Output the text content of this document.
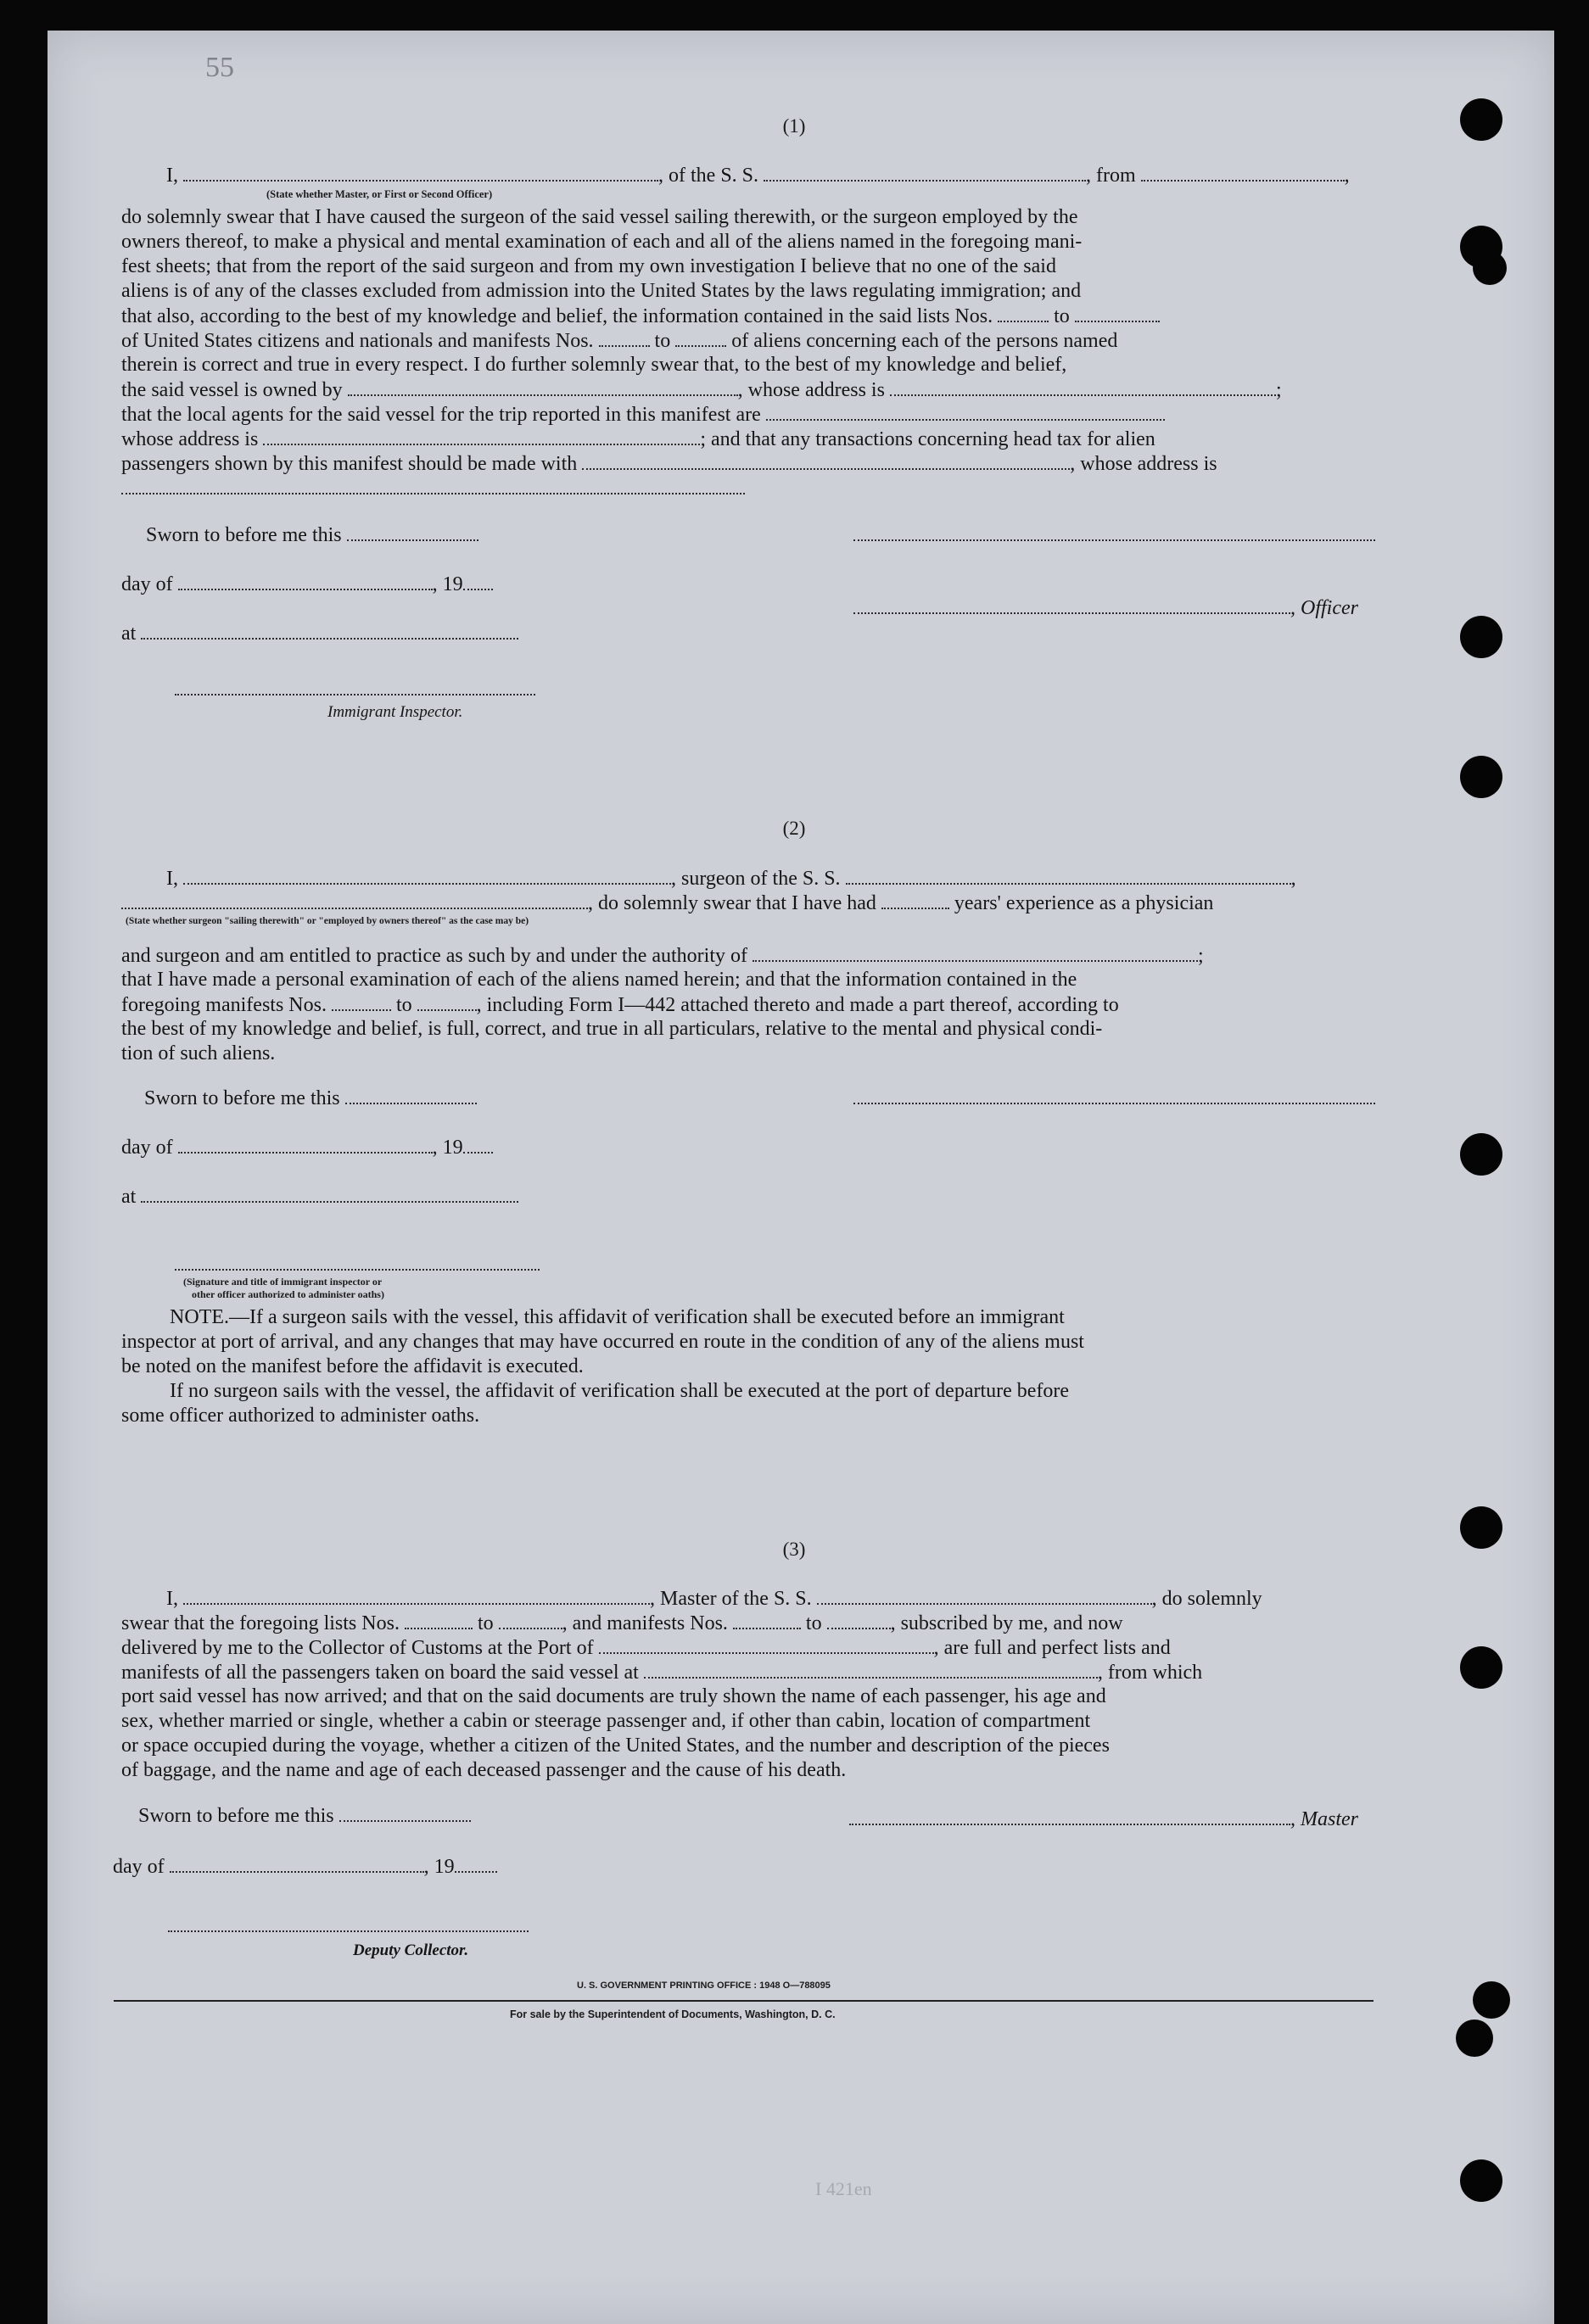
55
(1)
I,	, of the S. S.	, from	,
(State whether Master, or First or Second Officer)
do solemnly swear that I have caused the surgeon of the said vessel sailing therewith, or the surgeon employed by the
owners thereof, to make a physical and mental examination of each and all of the aliens named in the foregoing mani-
fest sheets; that from the report of the said surgeon and from my own investigation I believe that no one of the said
aliens is of any of the classes excluded from admission into the United States by the laws regulating immigration; and
that also, according to the best of my knowledge and belief, the information contained in the said lists Nos.	to
of United States citizens and nationals and manifests Nos.	to	of aliens concerning each of the persons named
therein is correct and true in every respect. I do further solemnly swear that, to the best of my knowledge and belief,
the said vessel is owned by	, whose address is	;
that the local agents for the said vessel for the trip reported in this manifest are
whose address is	; and that any transactions concerning head tax for alien
passengers shown by this manifest should be made with	, whose address is
Sworn to before me this
day of	, 19
, Officer
at
Immigrant Inspector.
(2)
I,	, surgeon of the S. S.	,
, do solemnly swear that I have had	years' experience as a physician
(State whether surgeon "sailing therewith" or "employed by owners thereof" as the case may be)
and surgeon and am entitled to practice as such by and under the authority of	;
that I have made a personal examination of each of the aliens named herein; and that the information contained in the
foregoing manifests Nos.	to	, including Form I—442 attached thereto and made a part thereof, according to
the best of my knowledge and belief, is full, correct, and true in all particulars, relative to the mental and physical condi-
tion of such aliens.
Sworn to before me this
day of	, 19
at
(Signature and title of immigrant inspector or
other officer authorized to administer oaths)
NOTE.—If a surgeon sails with the vessel, this affidavit of verification shall be executed before an immigrant
inspector at port of arrival, and any changes that may have occurred en route in the condition of any of the aliens must
be noted on the manifest before the affidavit is executed.
If no surgeon sails with the vessel, the affidavit of verification shall be executed at the port of departure before
some officer authorized to administer oaths.
(3)
I,	, Master of the S. S.	, do solemnly
swear that the foregoing lists Nos.	to	, and manifests Nos.	to	, subscribed by me, and now
delivered by me to the Collector of Customs at the Port of	, are full and perfect lists and
manifests of all the passengers taken on board the said vessel at	, from which
port said vessel has now arrived; and that on the said documents are truly shown the name of each passenger, his age and
sex, whether married or single, whether a cabin or steerage passenger and, if other than cabin, location of compartment
or space occupied during the voyage, whether a citizen of the United States, and the number and description of the pieces
of baggage, and the name and age of each deceased passenger and the cause of his death.
Sworn to before me this	, Master
day of	, 19
Deputy Collector.
U. S. GOVERNMENT PRINTING OFFICE : 1948 O—788095
For sale by the Superintendent of Documents, Washington, D. C.
I 421en
